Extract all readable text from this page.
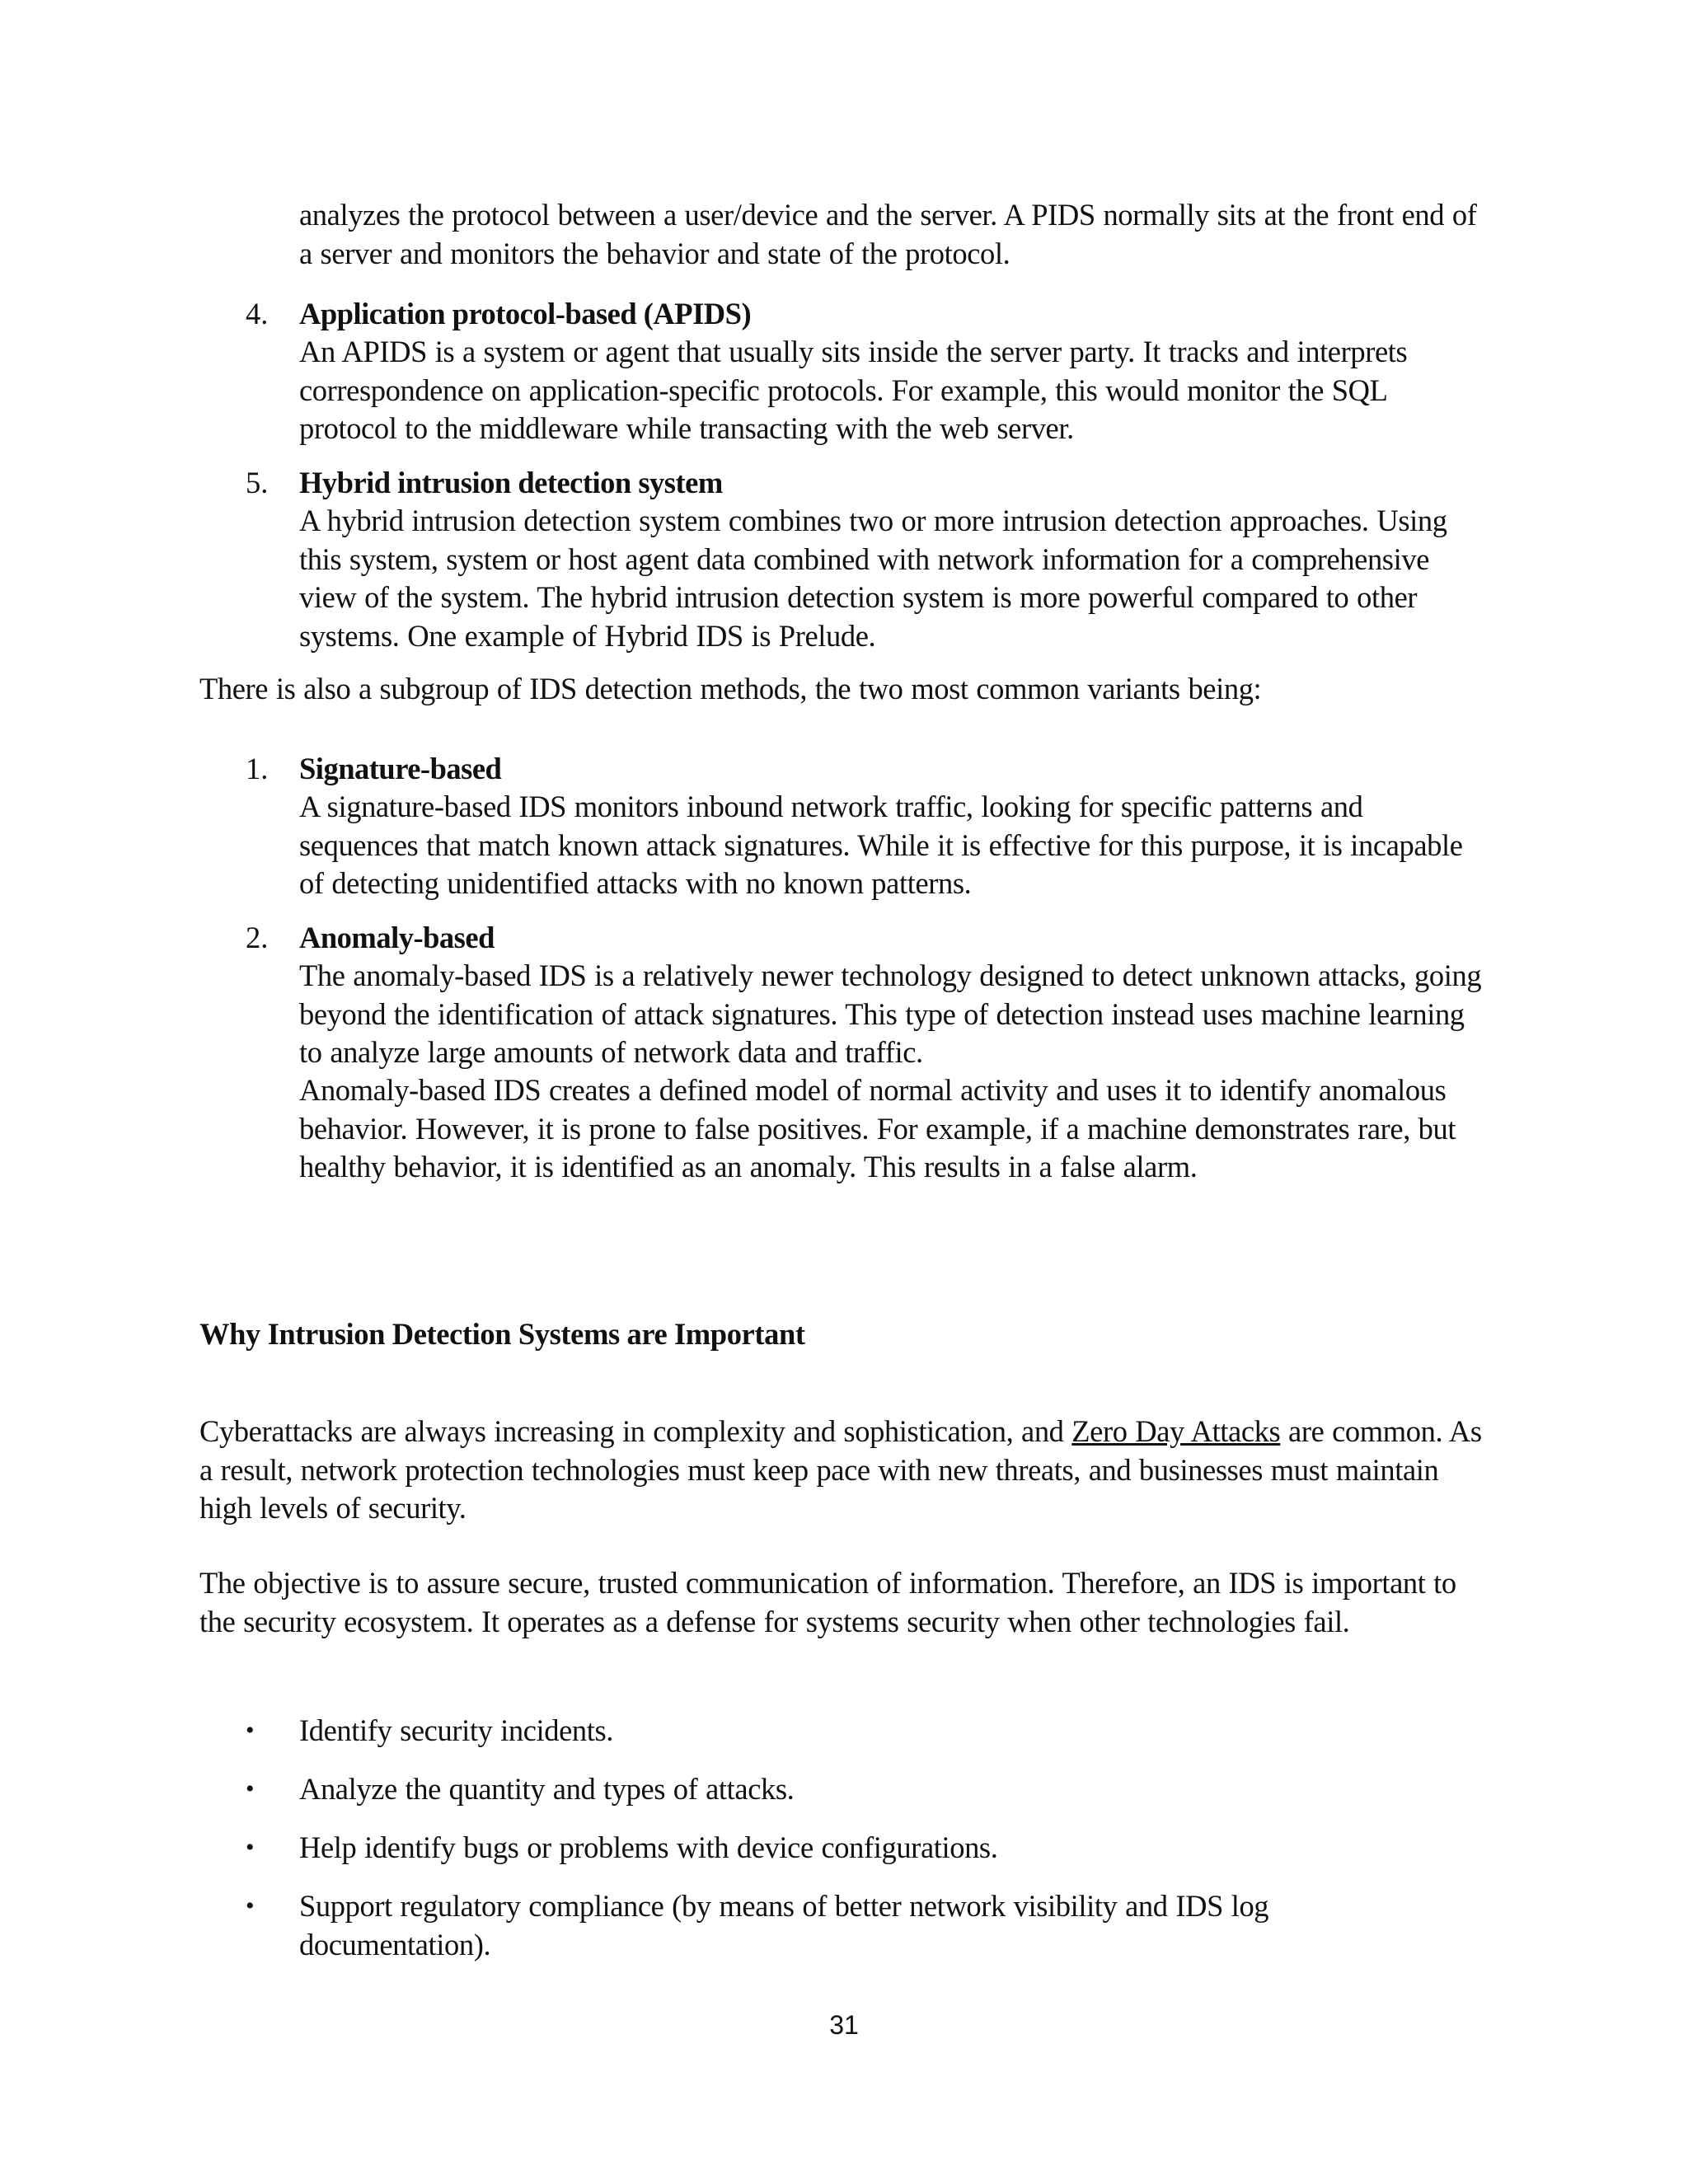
analyzes the protocol between a user/device and the server. A PIDS normally sits at the front end of a server and monitors the behavior and state of the protocol.

4. Application protocol-based (APIDS)

An APIDS is a system or agent that usually sits inside the server party. It tracks and interprets correspondence on application-specific protocols. For example, this would monitor the SQL protocol to the middleware while transacting with the web server.

5. Hybrid intrusion detection system

A hybrid intrusion detection system combines two or more intrusion detection approaches. Using this system, system or host agent data combined with network information for a comprehensive view of the system. The hybrid intrusion detection system is more powerful compared to other systems. One example of Hybrid IDS is Prelude.

There is also a subgroup of IDS detection methods, the two most common variants being:

1. Signature-based

A signature-based IDS monitors inbound network traffic, looking for specific patterns and sequences that match known attack signatures. While it is effective for this purpose, it is incapable of detecting unidentified attacks with no known patterns.

2. Anomaly-based

The anomaly-based IDS is a relatively newer technology designed to detect unknown attacks, going beyond the identification of attack signatures. This type of detection instead uses machine learning to analyze large amounts of network data and traffic.

Anomaly-based IDS creates a defined model of normal activity and uses it to identify anomalous behavior. However, it is prone to false positives. For example, if a machine demonstrates rare, but healthy behavior, it is identified as an anomaly. This results in a false alarm.

Why Intrusion Detection Systems are Important

Cyberattacks are always increasing in complexity and sophistication, and Zero Day Attacks are common. As a result, network protection technologies must keep pace with new threats, and businesses must maintain high levels of security.

The objective is to assure secure, trusted communication of information. Therefore, an IDS is important to the security ecosystem. It operates as a defense for systems security when other technologies fail.

• Identify security incidents.

• Analyze the quantity and types of attacks.

• Help identify bugs or problems with device configurations.

• Support regulatory compliance (by means of better network visibility and IDS log documentation).

31
